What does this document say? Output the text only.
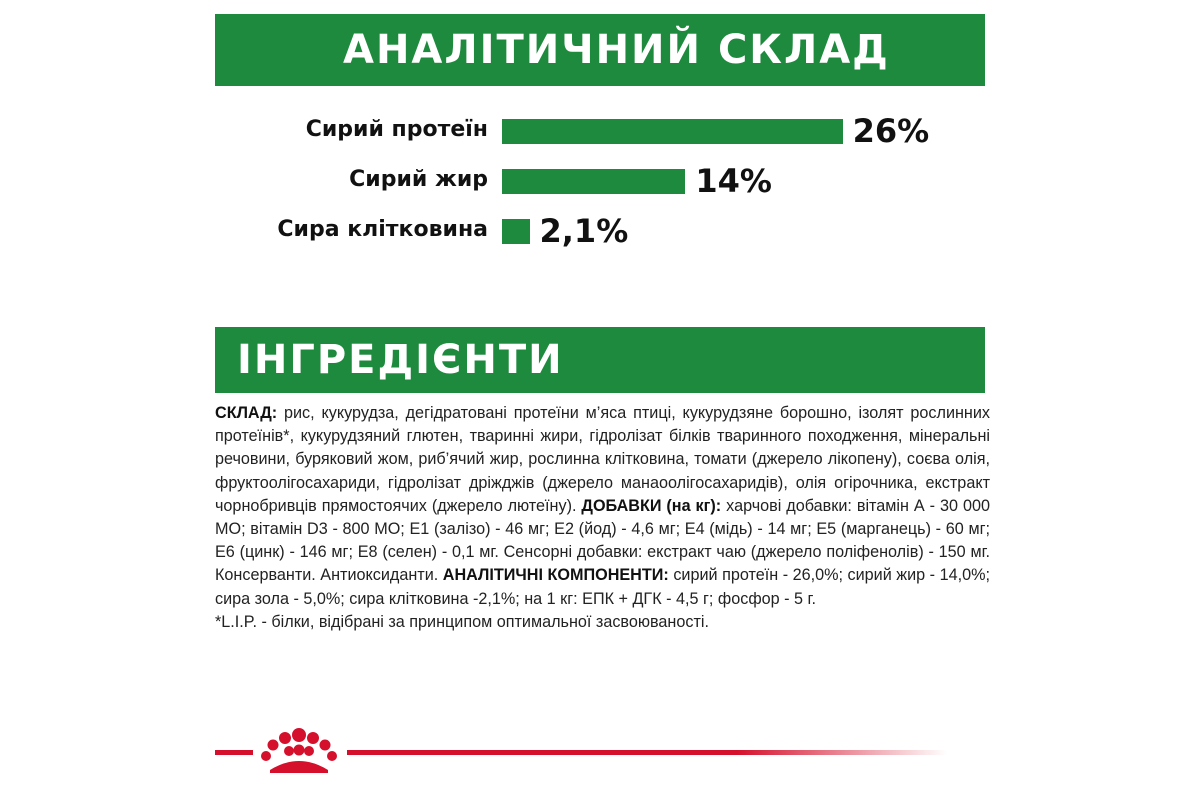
АНАЛІТИЧНИЙ СКЛАД
Сирий протеїн	26%
Сирий жир	14%
Сира клітковина 2,1%
ІНГРЕДІЄНТИ

СКЛАД: рис, кукурудза, дегідратовані протеїни м’яса птиці, кукурудзяне борошно, ізолят рослинних протеїнів*, кукурудзяний глютен, тваринні жири, гідролізат білків тваринного походження, мінеральні речовини, буряковий жом, риб’ячий жир, рослинна клітковина, томати (джерело лікопену), соєва олія, фруктоолігосахариди, гідролізат дріжджів (джерело манаоолігосахаридів), олія огірочника, екстракт чорнобривців прямостоячих (джерело лютеїну). ДОБАВКИ (на кг): харчові добавки: вітамін А - 30 000 МО; вітамін D3 - 800 МО; Е1 (залізо) - 46 мг; Е2 (йод) - 4,6 мг; Е4 (мідь) - 14 мг; Е5 (марганець) - 60 мг; Е6 (цинк) - 146 мг; Е8 (селен) - 0,1 мг. Сенсорні добавки: екстракт чаю (джерело поліфенолів) - 150 мг. Консерванти. Антиоксиданти. АНАЛІТИЧНІ КОМПОНЕНТИ: сирий протеїн - 26,0%; сирий жир - 14,0%; сира зола - 5,0%; сира клітковина -2,1%; на 1 кг: ЕПК + ДГК - 4,5 г; фосфор - 5 г.

*L.I.P. - білки, відібрані за принципом оптимальної засвоюваності.
